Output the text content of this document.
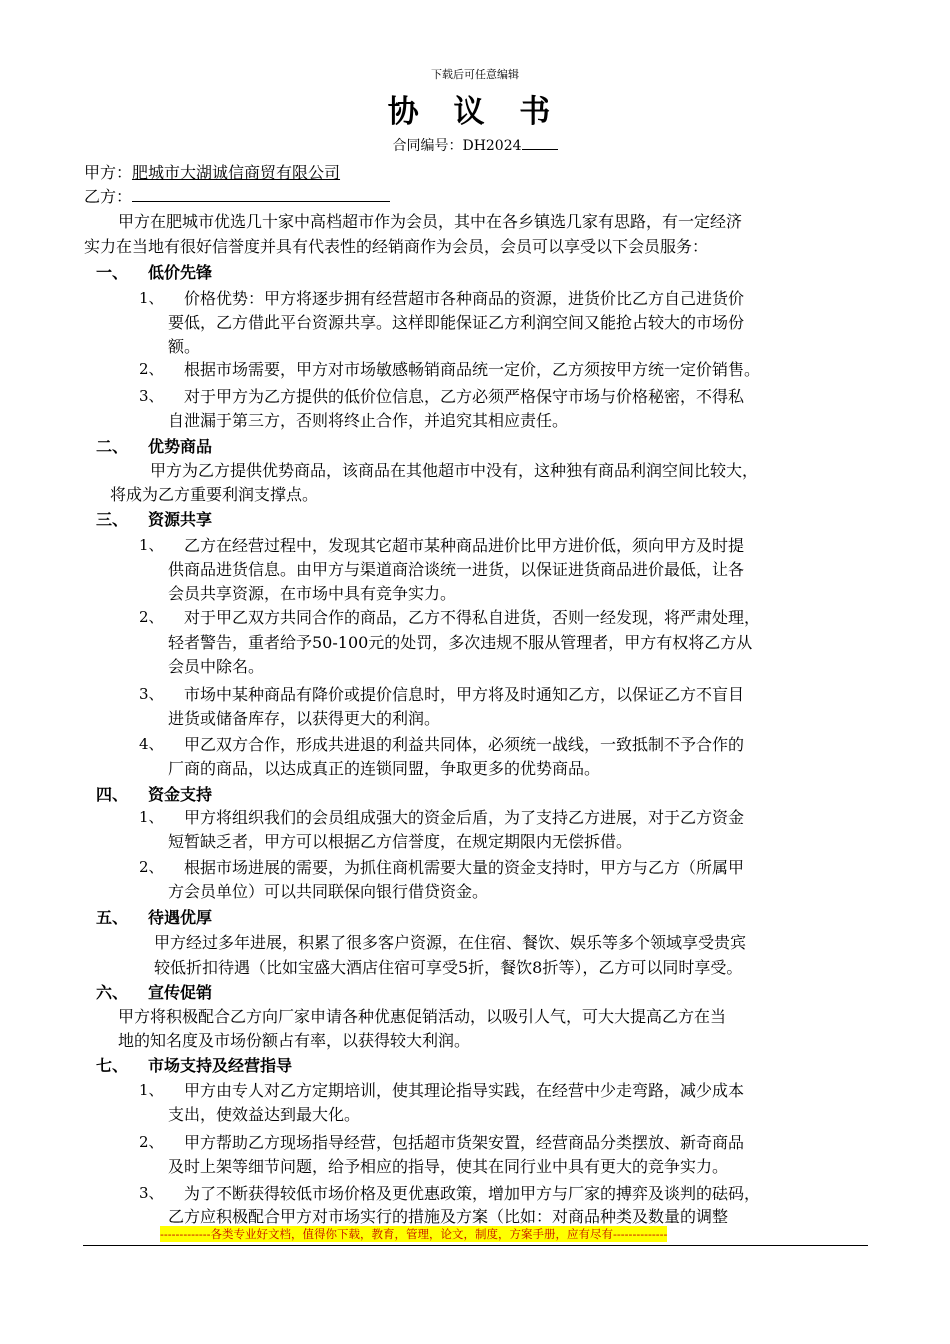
下载后可任意编辑
协 议 书
合同编号：DH2024
甲方：肥城市大湖诚信商贸有限公司
乙方：
甲方在肥城市优选几十家中高档超市作为会员，其中在各乡镇选几家有思路，有一定经济
实力在当地有很好信誉度并具有代表性的经销商作为会员，会员可以享受以下会员服务：
一、 低价先锋
1、 价格优势：甲方将逐步拥有经营超市各种商品的资源，进货价比乙方自己进货价
要低，乙方借此平台资源共享。这样即能保证乙方利润空间又能抢占较大的市场份
额。
2、 根据市场需要，甲方对市场敏感畅销商品统一定价，乙方须按甲方统一定价销售。
3、 对于甲方为乙方提供的低价位信息，乙方必须严格保守市场与价格秘密，不得私
自泄漏于第三方，否则将终止合作，并追究其相应责任。
二、 优势商品
甲方为乙方提供优势商品，该商品在其他超市中没有，这种独有商品利润空间比较大，
将成为乙方重要利润支撑点。
三、 资源共享
1、 乙方在经营过程中，发现其它超市某种商品进价比甲方进价低，须向甲方及时提
供商品进货信息。由甲方与渠道商洽谈统一进货，以保证进货商品进价最低，让各
会员共享资源，在市场中具有竞争实力。
2、 对于甲乙双方共同合作的商品，乙方不得私自进货，否则一经发现，将严肃处理，
轻者警告，重者给予50-100元的处罚，多次违规不服从管理者，甲方有权将乙方从
会员中除名。
3、 市场中某种商品有降价或提价信息时，甲方将及时通知乙方，以保证乙方不盲目
进货或储备库存，以获得更大的利润。
4、 甲乙双方合作，形成共进退的利益共同体，必须统一战线，一致抵制不予合作的
厂商的商品，以达成真正的连锁同盟，争取更多的优势商品。
四、 资金支持
1、 甲方将组织我们的会员组成强大的资金后盾，为了支持乙方进展，对于乙方资金
短暂缺乏者，甲方可以根据乙方信誉度，在规定期限内无偿拆借。
2、 根据市场进展的需要，为抓住商机需要大量的资金支持时，甲方与乙方（所属甲
方会员单位）可以共同联保向银行借贷资金。
五、 待遇优厚
甲方经过多年进展，积累了很多客户资源，在住宿、餐饮、娱乐等多个领域享受贵宾
较低折扣待遇（比如宝盛大酒店住宿可享受5折，餐饮8折等），乙方可以同时享受。
六、 宣传促销
甲方将积极配合乙方向厂家申请各种优惠促销活动，以吸引人气，可大大提高乙方在当
地的知名度及市场份额占有率，以获得较大利润。
七、 市场支持及经营指导
1、 甲方由专人对乙方定期培训，使其理论指导实践，在经营中少走弯路，减少成本
支出，使效益达到最大化。
2、 甲方帮助乙方现场指导经营，包括超市货架安置，经营商品分类摆放、新奇商品
及时上架等细节问题，给予相应的指导，使其在同行业中具有更大的竞争实力。
3、 为了不断获得较低市场价格及更优惠政策，增加甲方与厂家的搏弈及谈判的砝码，
乙方应积极配合甲方对市场实行的措施及方案（比如：对商品种类及数量的调整
-------------各类专业好文档，值得你下载，教育，管理，论文，制度，方案手册，应有尽有--------------
